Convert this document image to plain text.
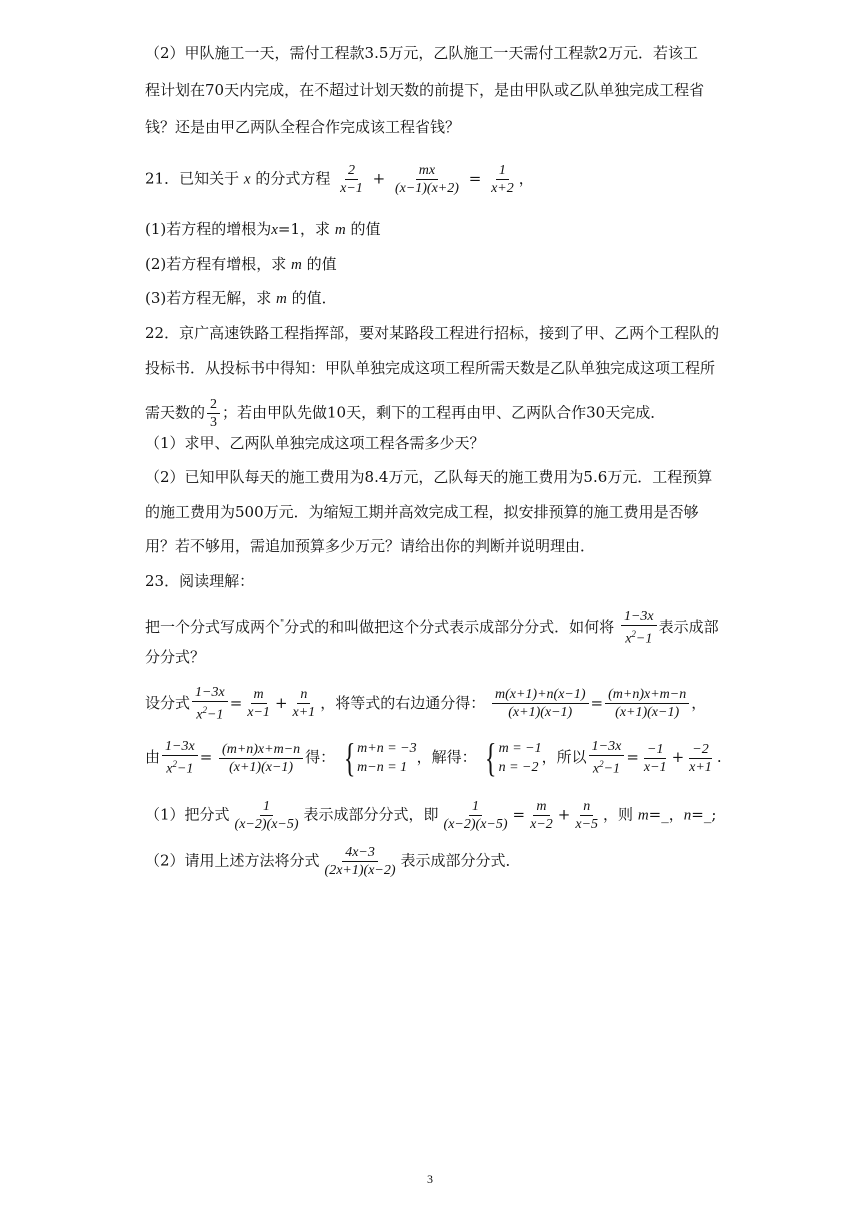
（2）甲队施工一天，需付工程款3.5万元，乙队施工一天需付工程款2万元．若该工
程计划在70天内完成，在不超过计划天数的前提下，是由甲队或乙队单独完成工程省
钱？还是由甲乙两队全程合作完成该工程省钱？
21．已知关于 x 的分式方程 $\frac{2}{x-1} + \frac{mx}{(x-1)(x+2)} = \frac{1}{x+2}$ ，
(1)若方程的增根为x=1，求 m 的值
(2)若方程有增根，求 m 的值
(3)若方程无解，求 m 的值．
22．京广高速铁路工程指挥部，要对某路段工程进行招标，接到了甲、乙两个工程队的
投标书．从投标书中得知：甲队单独完成这项工程所需天数是乙队单独完成这项工程所
需天数的 $\frac{2}{3}$ ；若由甲队先做10天，剩下的工程再由甲、乙两队合作30天完成．
（1）求甲、乙两队单独完成这项工程各需多少天？
（2）已知甲队每天的施工费用为8.4万元，乙队每天的施工费用为5.6万元．工程预算
的施工费用为500万元．为缩短工期并高效完成工程，拟安排预算的施工费用是否够
用？若不够用，需追加预算多少万元？请给出你的判断并说明理由．
23．阅读理解：
把一个分式写成两个"分式的和叫做把这个分式表示成部分分式．如何将 $\frac{1-3x}{x^2-1}$ 表示成部
分分式？
设分式 $\frac{1-3x}{x^2-1} = \frac{m}{x-1} + \frac{n}{x+1}$ ，将等式的右边通分得： $\frac{m(x+1)+n(x-1)}{(x+1)(x-1)} = \frac{(m+n)x+m-n}{(x+1)(x-1)}$ ，
由 $\frac{1-3x}{x^2-1} = \frac{(m+n)x+m-n}{(x+1)(x-1)}$ 得： { m+n = −3
m−n = 1
，解得： { m = −1
n = −2
，所以 $\frac{1-3x}{x^2-1} = \frac{-1}{x-1} + \frac{-2}{x+1}$ .
（1）把分式 $\frac{1}{(x-2)(x-5)}$ 表示成部分分式，即 $\frac{1}{(x-2)(x-5)} = \frac{m}{x-2} + \frac{n}{x-5}$ ，则 m=_，n=_;
（2）请用上述方法将分式 $\frac{4x-3}{(2x+1)(x-2)}$ 表示成部分分式．
3
